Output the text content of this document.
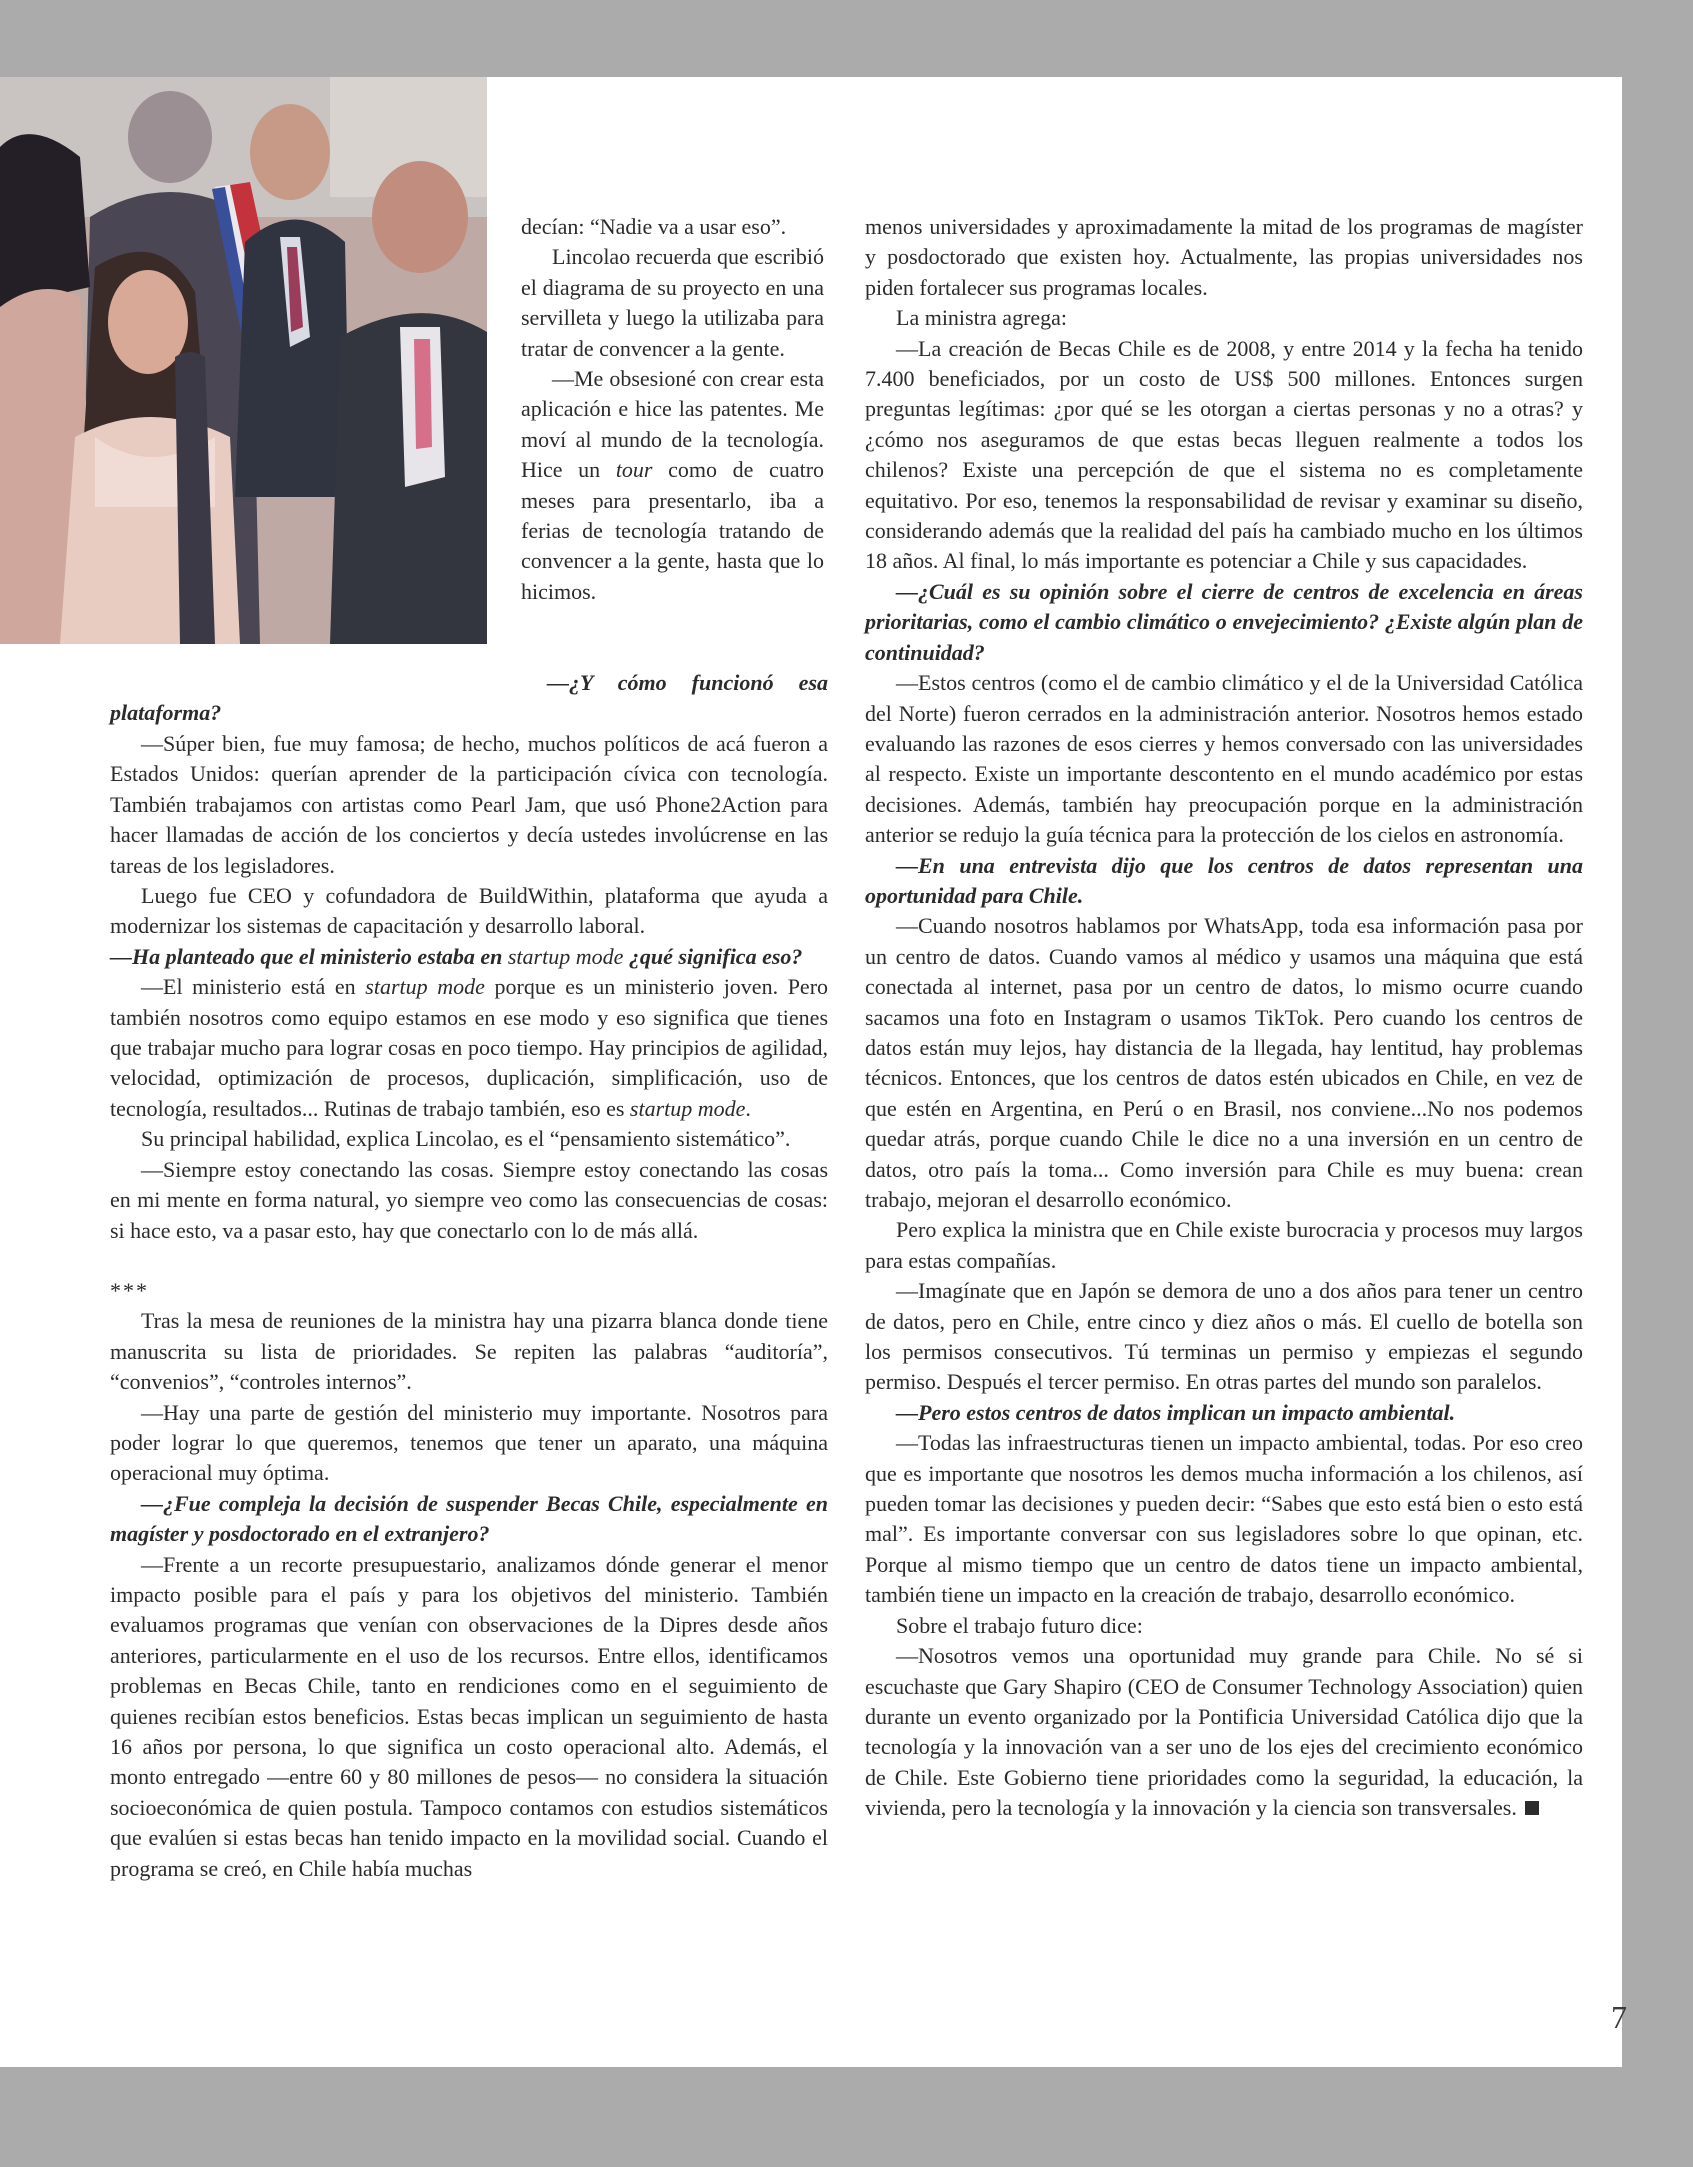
decían: “Nadie va a usar eso”.

Lincolao recuerda que escribió el diagrama de su proyecto en una servilleta y luego la utilizaba para tratar de convencer a la gente.

—Me obsesioné con crear esta aplicación e hice las patentes. Me moví al mundo de la tecnología. Hice un tour como de cuatro meses para presentarlo, iba a ferias de tecnología tratando de convencer a la gente, hasta que lo hicimos.

—¿Y cómo funcionó esa plataforma?

—Súper bien, fue muy famosa; de hecho, muchos políticos de acá fueron a Estados Unidos: querían aprender de la participación cívica con tecnología. También trabajamos con artistas como Pearl Jam, que usó Phone2Action para hacer llamadas de acción de los conciertos y decía ustedes involúcrense en las tareas de los legisladores.

Luego fue CEO y cofundadora de BuildWithin, plataforma que ayuda a modernizar los sistemas de capacitación y desarrollo laboral.

—Ha planteado que el ministerio estaba en startup mode ¿qué significa eso?

—El ministerio está en startup mode porque es un ministerio joven. Pero también nosotros como equipo estamos en ese modo y eso significa que tienes que trabajar mucho para lograr cosas en poco tiempo. Hay principios de agilidad, velocidad, optimización de procesos, duplicación, simplificación, uso de tecnología, resultados... Rutinas de trabajo también, eso es startup mode.

Su principal habilidad, explica Lincolao, es el “pensamiento sistemático”.

—Siempre estoy conectando las cosas. Siempre estoy conectando las cosas en mi mente en forma natural, yo siempre veo como las consecuencias de cosas: si hace esto, va a pasar esto, hay que conectarlo con lo de más allá.

***

Tras la mesa de reuniones de la ministra hay una pizarra blanca donde tiene manuscrita su lista de prioridades. Se repiten las palabras “auditoría”, “convenios”, “controles internos”.

—Hay una parte de gestión del ministerio muy importante. Nosotros para poder lograr lo que queremos, tenemos que tener un aparato, una máquina operacional muy óptima.

—¿Fue compleja la decisión de suspender Becas Chile, especialmente en magíster y posdoctorado en el extranjero?

—Frente a un recorte presupuestario, analizamos dónde generar el menor impacto posible para el país y para los objetivos del ministerio. También evaluamos programas que venían con observaciones de la Dipres desde años anteriores, particularmente en el uso de los recursos. Entre ellos, identificamos problemas en Becas Chile, tanto en rendiciones como en el seguimiento de quienes recibían estos beneficios. Estas becas implican un seguimiento de hasta 16 años por persona, lo que significa un costo operacional alto. Además, el monto entregado —entre 60 y 80 millones de pesos— no considera la situación socioeconómica de quien postula. Tampoco contamos con estudios sistemáticos que evalúen si estas becas han tenido impacto en la movilidad social. Cuando el programa se creó, en Chile había muchas

menos universidades y aproximadamente la mitad de los programas de magíster y posdoctorado que existen hoy. Actualmente, las propias universidades nos piden fortalecer sus programas locales.

La ministra agrega:

—La creación de Becas Chile es de 2008, y entre 2014 y la fecha ha tenido 7.400 beneficiados, por un costo de US$ 500 millones. Entonces surgen preguntas legítimas: ¿por qué se les otorgan a ciertas personas y no a otras? y ¿cómo nos aseguramos de que estas becas lleguen realmente a todos los chilenos? Existe una percepción de que el sistema no es completamente equitativo. Por eso, tenemos la responsabilidad de revisar y examinar su diseño, considerando además que la realidad del país ha cambiado mucho en los últimos 18 años. Al final, lo más importante es potenciar a Chile y sus capacidades.

—¿Cuál es su opinión sobre el cierre de centros de excelencia en áreas prioritarias, como el cambio climático o envejecimiento? ¿Existe algún plan de continuidad?

—Estos centros (como el de cambio climático y el de la Universidad Católica del Norte) fueron cerrados en la administración anterior. Nosotros hemos estado evaluando las razones de esos cierres y hemos conversado con las universidades al respecto. Existe un importante descontento en el mundo académico por estas decisiones. Además, también hay preocupación porque en la administración anterior se redujo la guía técnica para la protección de los cielos en astronomía.

—En una entrevista dijo que los centros de datos representan una oportunidad para Chile.

—Cuando nosotros hablamos por WhatsApp, toda esa información pasa por un centro de datos. Cuando vamos al médico y usamos una máquina que está conectada al internet, pasa por un centro de datos, lo mismo ocurre cuando sacamos una foto en Instagram o usamos TikTok. Pero cuando los centros de datos están muy lejos, hay distancia de la llegada, hay lentitud, hay problemas técnicos. Entonces, que los centros de datos estén ubicados en Chile, en vez de que estén en Argentina, en Perú o en Brasil, nos conviene...No nos podemos quedar atrás, porque cuando Chile le dice no a una inversión en un centro de datos, otro país la toma... Como inversión para Chile es muy buena: crean trabajo, mejoran el desarrollo económico.

Pero explica la ministra que en Chile existe burocracia y procesos muy largos para estas compañías.

—Imagínate que en Japón se demora de uno a dos años para tener un centro de datos, pero en Chile, entre cinco y diez años o más. El cuello de botella son los permisos consecutivos. Tú terminas un permiso y empiezas el segundo permiso. Después el tercer permiso. En otras partes del mundo son paralelos.

—Pero estos centros de datos implican un impacto ambiental.

—Todas las infraestructuras tienen un impacto ambiental, todas. Por eso creo que es importante que nosotros les demos mucha información a los chilenos, así pueden tomar las decisiones y pueden decir: “Sabes que esto está bien o esto está mal”. Es importante conversar con sus legisladores sobre lo que opinan, etc. Porque al mismo tiempo que un centro de datos tiene un impacto ambiental, también tiene un impacto en la creación de trabajo, desarrollo económico.

Sobre el trabajo futuro dice:

—Nosotros vemos una oportunidad muy grande para Chile. No sé si escuchaste que Gary Shapiro (CEO de Consumer Technology Association) quien durante un evento organizado por la Pontificia Universidad Católica dijo que la tecnología y la innovación van a ser uno de los ejes del crecimiento económico de Chile. Este Gobierno tiene prioridades como la seguridad, la educación, la vivienda, pero la tecnología y la innovación y la ciencia son transversales.

7
